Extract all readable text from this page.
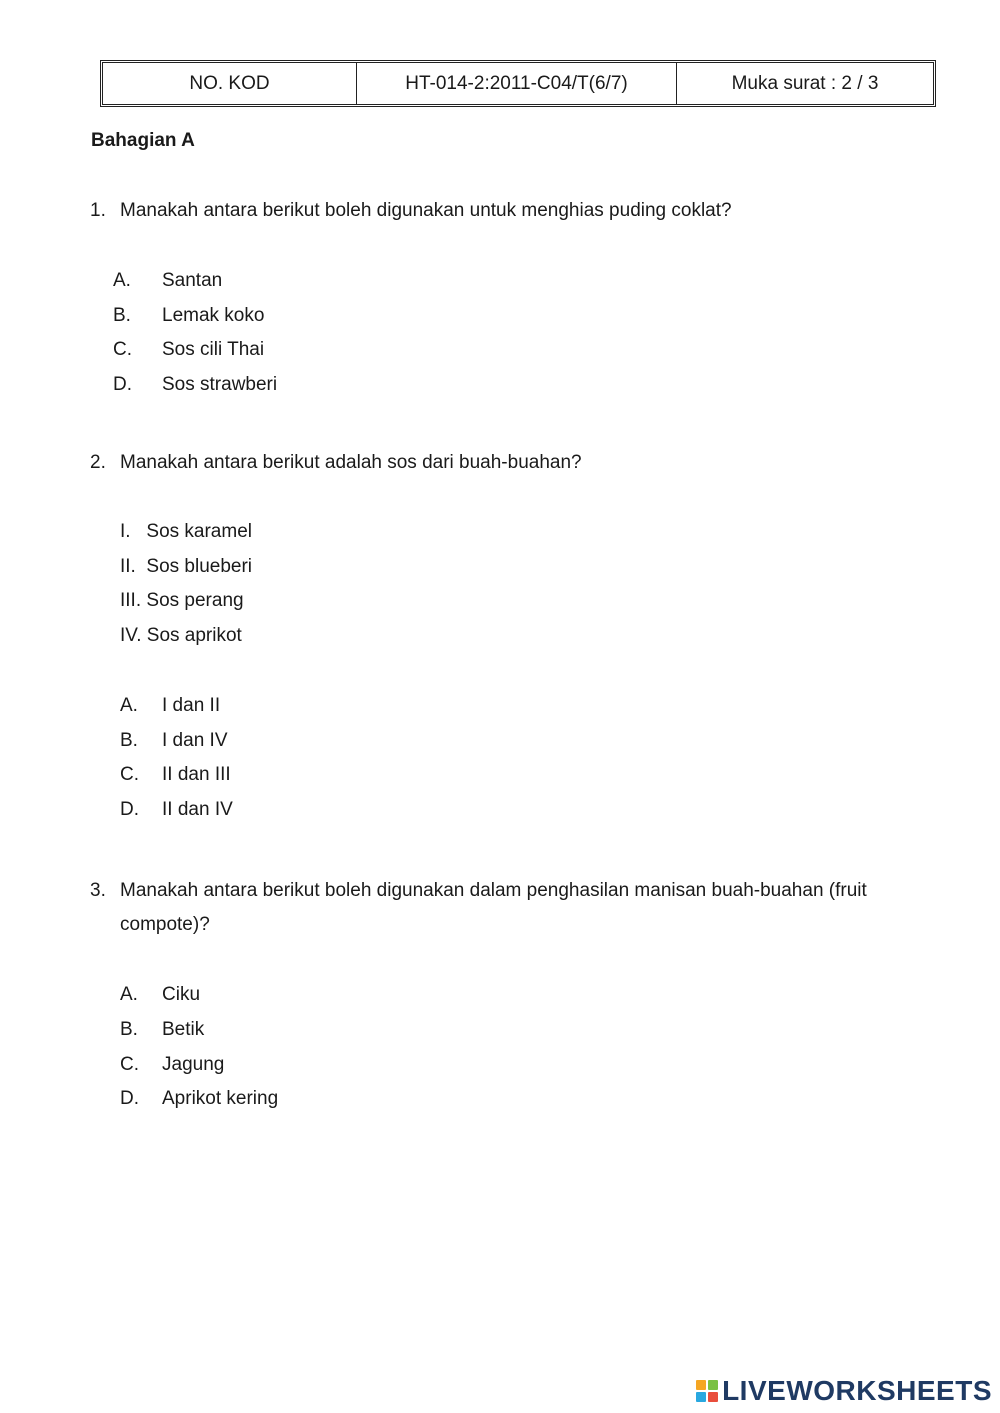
NO. KOD	HT-014-2:2011-C04/T(6/7)	Muka surat : 2 / 3
Bahagian A
1. Manakah antara berikut boleh digunakan untuk menghias puding coklat?
A. Santan
B. Lemak koko
C. Sos cili Thai
D. Sos strawberi
2. Manakah antara berikut adalah sos dari buah-buahan?
I.   Sos karamel
II.  Sos blueberi
III. Sos perang
IV. Sos aprikot
A. I dan II
B. I dan IV
C. II dan III
D. II dan IV
3. Manakah antara berikut boleh digunakan dalam penghasilan manisan buah-buahan (fruit
compote)?
A. Ciku
B. Betik
C. Jagung
D. Aprikot kering
LIVEWORKSHEETS
